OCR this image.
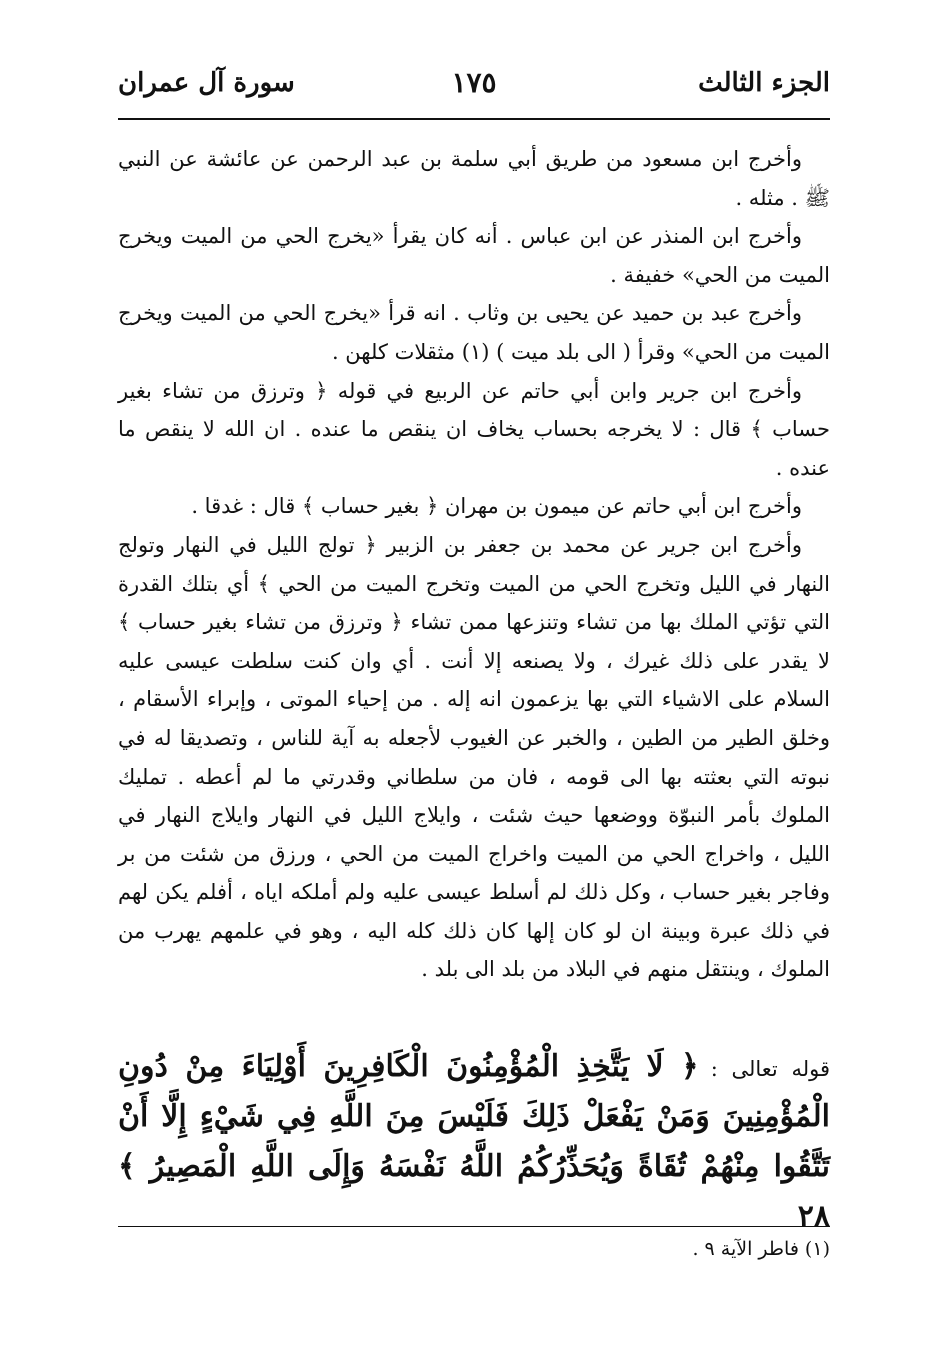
الجزء الثالث
١٧٥
سورة آل عمران

وأخرج ابن مسعود من طريق أبي سلمة بن عبد الرحمن عن عائشة عن النبي ﷺ . مثله .

وأخرج ابن المنذر عن ابن عباس . أنه كان يقرأ «يخرج الحي من الميت ويخرج الميت من الحي» خفيفة .

وأخرج عبد بن حميد عن يحيى بن وثاب . انه قرأ «يخرج الحي من الميت ويخرج الميت من الحي» وقرأ ( الى بلد ميت ) (١) مثقلات كلهن .

وأخرج ابن جرير وابن أبي حاتم عن الربيع في قوله ﴿ وترزق من تشاء بغير حساب ﴾ قال : لا يخرجه بحساب يخاف ان ينقص ما عنده . ان الله لا ينقص ما عنده .

وأخرج ابن أبي حاتم عن ميمون بن مهران ﴿ بغير حساب ﴾ قال : غدقا .

وأخرج ابن جرير عن محمد بن جعفر بن الزبير ﴿ تولج الليل في النهار وتولج النهار في الليل وتخرج الحي من الميت وتخرج الميت من الحي ﴾ أي بتلك القدرة التي تؤتي الملك بها من تشاء وتنزعها ممن تشاء ﴿ وترزق من تشاء بغير حساب ﴾ لا يقدر على ذلك غيرك ، ولا يصنعه إلا أنت . أي وان كنت سلطت عيسى عليه السلام على الاشياء التي بها يزعمون انه إله . من إحياء الموتى ، وإبراء الأسقام ، وخلق الطير من الطين ، والخبر عن الغيوب لأجعله به آية للناس ، وتصديقا له في نبوته التي بعثته بها الى قومه ، فان من سلطاني وقدرتي ما لم أعطه . تمليك الملوك بأمر النبوّة ووضعها حيث شئت ، وايلاج الليل في النهار وايلاج النهار في الليل ، واخراج الحي من الميت واخراج الميت من الحي ، ورزق من شئت من بر وفاجر بغير حساب ، وكل ذلك لم أسلط عيسى عليه ولم أملكه اياه ، أفلم يكن لهم في ذلك عبرة وبينة ان لو كان إلها كان ذلك كله اليه ، وهو في علمهم يهرب من الملوك ، وينتقل منهم في البلاد من بلد الى بلد .

قوله تعالى : ﴿ لَا يَتَّخِذِ الْمُؤْمِنُونَ الْكَافِرِينَ أَوْلِيَاءَ مِنْ دُونِ الْمُؤْمِنِينَ وَمَنْ يَفْعَلْ ذَلِكَ فَلَيْسَ مِنَ اللَّهِ فِي شَيْءٍ إِلَّا أَنْ تَتَّقُوا مِنْهُمْ تُقَاةً وَيُحَذِّرُكُمُ اللَّهُ نَفْسَهُ وَإِلَى اللَّهِ الْمَصِيرُ ﴾ ٢٨
(١) فاطر الآية ٩ .
